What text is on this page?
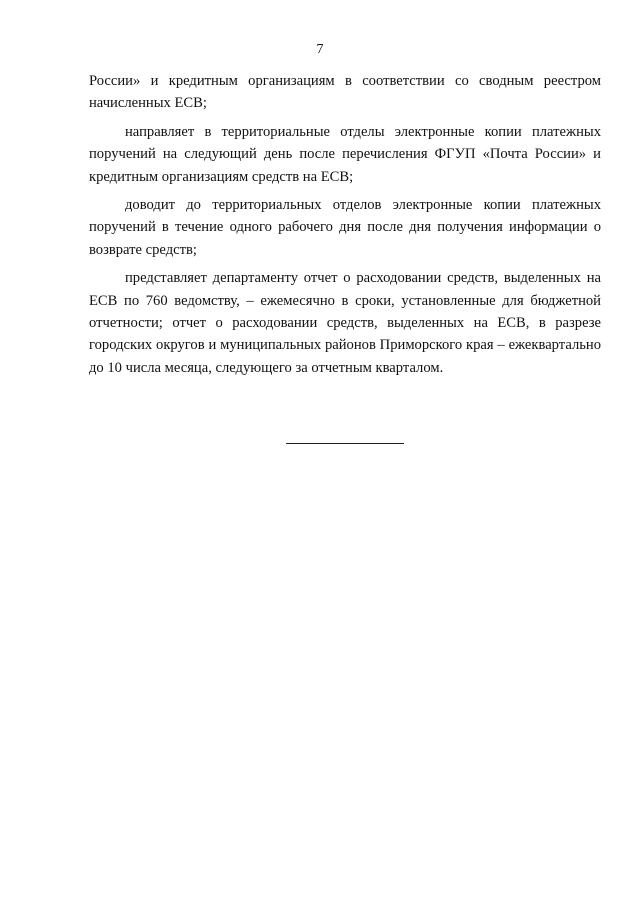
7

России» и кредитным организациям в соответствии со сводным реестром начисленных ЕСВ;

направляет в территориальные отделы электронные копии платежных поручений на следующий день после перечисления ФГУП «Почта России» и кредитным организациям средств на ЕСВ;

доводит до территориальных отделов электронные копии платежных поручений в течение одного рабочего дня после дня получения информации о возврате средств;

представляет департаменту отчет о расходовании средств, выделенных на ЕСВ по 760 ведомству, – ежемесячно в сроки, установленные для бюджетной отчетности; отчет о расходовании средств, выделенных на ЕСВ, в разрезе городских округов и муниципальных районов Приморского края – ежеквартально до 10 числа месяца, следующего за отчетным кварталом.
